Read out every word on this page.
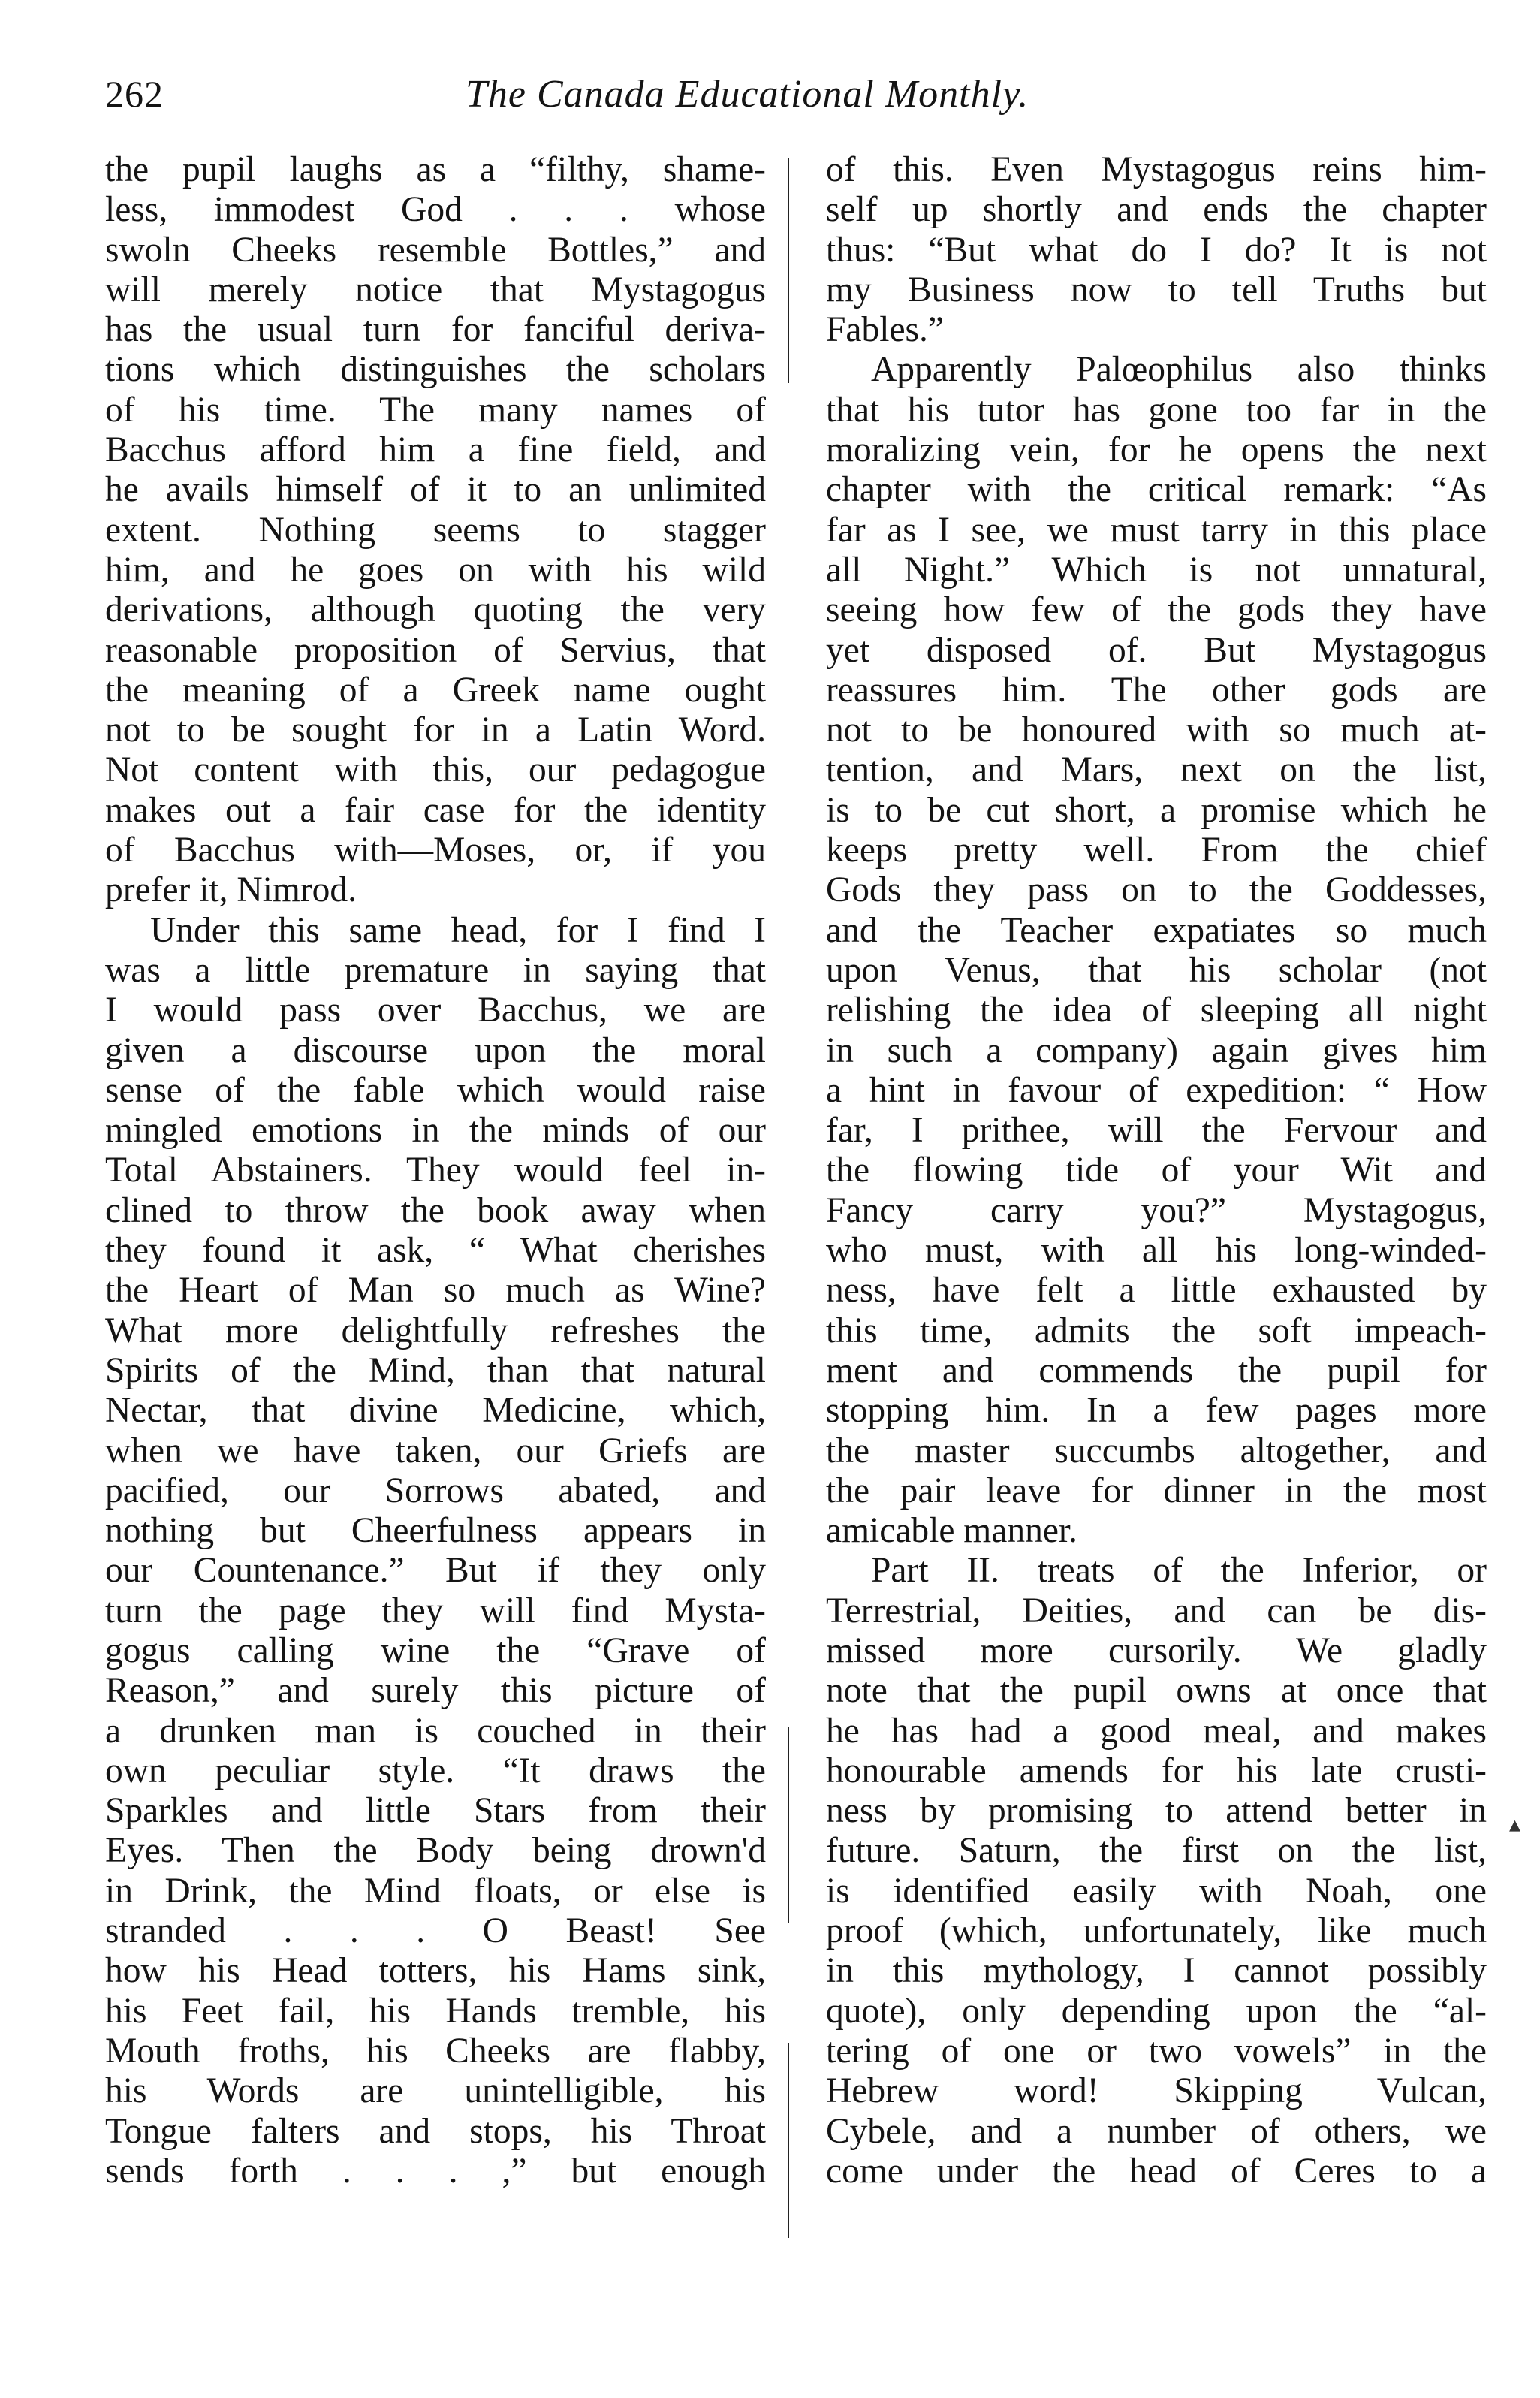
262	The Canada Educational Monthly.
the pupil laughs as a “filthy, shame-
less, immodest God . . . whose
swoln Cheeks resemble Bottles,” and
will merely notice that Mystagogus
has the usual turn for fanciful deriva-
tions which distinguishes the scholars
of his time. The many names of
Bacchus afford him a fine field, and
he avails himself of it to an unlimited
extent. Nothing seems to stagger
him, and he goes on with his wild
derivations, although quoting the very
reasonable proposition of Servius, that
the meaning of a Greek name ought
not to be sought for in a Latin Word.
Not content with this, our pedagogue
makes out a fair case for the identity
of Bacchus with—Moses, or, if you
prefer it, Nimrod.
Under this same head, for I find I
was a little premature in saying that
I would pass over Bacchus, we are
given a discourse upon the moral
sense of the fable which would raise
mingled emotions in the minds of our
Total Abstainers. They would feel in-
clined to throw the book away when
they found it ask, “ What cherishes
the Heart of Man so much as Wine?
What more delightfully refreshes the
Spirits of the Mind, than that natural
Nectar, that divine Medicine, which,
when we have taken, our Griefs are
pacified, our Sorrows abated, and
nothing but Cheerfulness appears in
our Countenance.” But if they only
turn the page they will find Mysta-
gogus calling wine the “Grave of
Reason,” and surely this picture of
a drunken man is couched in their
own peculiar style. “It draws the
Sparkles and little Stars from their
Eyes. Then the Body being drown'd
in Drink, the Mind floats, or else is
stranded . . . O Beast! See
how his Head totters, his Hams sink,
his Feet fail, his Hands tremble, his
Mouth froths, his Cheeks are flabby,
his Words are unintelligible, his
Tongue falters and stops, his Throat
sends forth . . . ,” but enough
of this. Even Mystagogus reins him-
self up shortly and ends the chapter
thus: “But what do I do? It is not
my Business now to tell Truths but
Fables.”
Apparently Palœophilus also thinks
that his tutor has gone too far in the
moralizing vein, for he opens the next
chapter with the critical remark: “As
far as I see, we must tarry in this place
all Night.” Which is not unnatural,
seeing how few of the gods they have
yet disposed of. But Mystagogus
reassures him. The other gods are
not to be honoured with so much at-
tention, and Mars, next on the list,
is to be cut short, a promise which he
keeps pretty well. From the chief
Gods they pass on to the Goddesses,
and the Teacher expatiates so much
upon Venus, that his scholar (not
relishing the idea of sleeping all night
in such a company) again gives him
a hint in favour of expedition: “ How
far, I prithee, will the Fervour and
the flowing tide of your Wit and
Fancy carry you?” Mystagogus,
who must, with all his long-winded-
ness, have felt a little exhausted by
this time, admits the soft impeach-
ment and commends the pupil for
stopping him. In a few pages more
the master succumbs altogether, and
the pair leave for dinner in the most
amicable manner.
Part II. treats of the Inferior, or
Terrestrial, Deities, and can be dis-
missed more cursorily. We gladly
note that the pupil owns at once that
he has had a good meal, and makes
honourable amends for his late crusti-
ness by promising to attend better in
future. Saturn, the first on the list,
is identified easily with Noah, one
proof (which, unfortunately, like much
in this mythology, I cannot possibly
quote), only depending upon the “al-
tering of one or two vowels” in the
Hebrew word! Skipping Vulcan,
Cybele, and a number of others, we
come under the head of Ceres to a
▴
